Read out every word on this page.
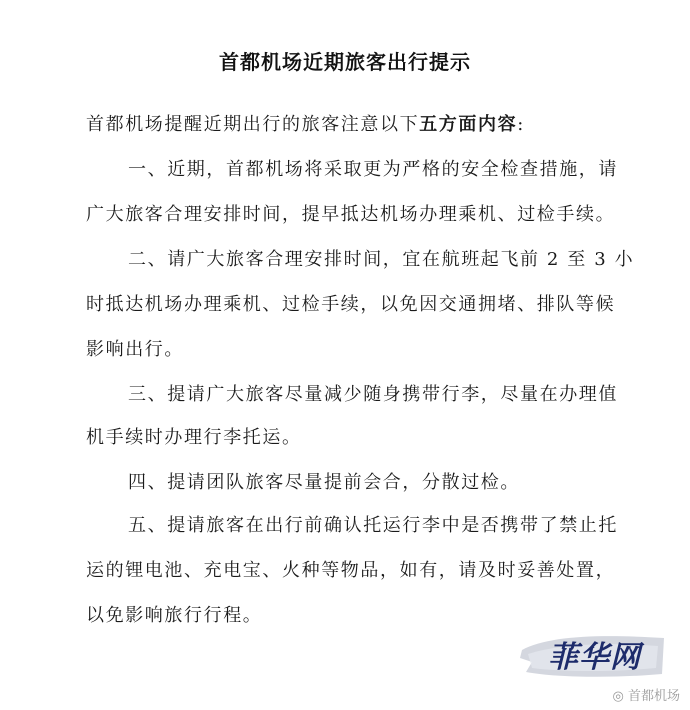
首都机场近期旅客出行提示
首都机场提醒近期出行的旅客注意以下五方面内容:
一、近期，首都机场将采取更为严格的安全检查措施，请
广大旅客合理安排时间，提早抵达机场办理乘机、过检手续。
二、请广大旅客合理安排时间，宜在航班起飞前 2 至 3 小
时抵达机场办理乘机、过检手续，以免因交通拥堵、排队等候
影响出行。
三、提请广大旅客尽量减少随身携带行李，尽量在办理值
机手续时办理行李托运。
四、提请团队旅客尽量提前会合，分散过检。
五、提请旅客在出行前确认托运行李中是否携带了禁止托
运的锂电池、充电宝、火种等物品，如有，请及时妥善处置，
以免影响旅行行程。
菲华网
◎ 首都机场
